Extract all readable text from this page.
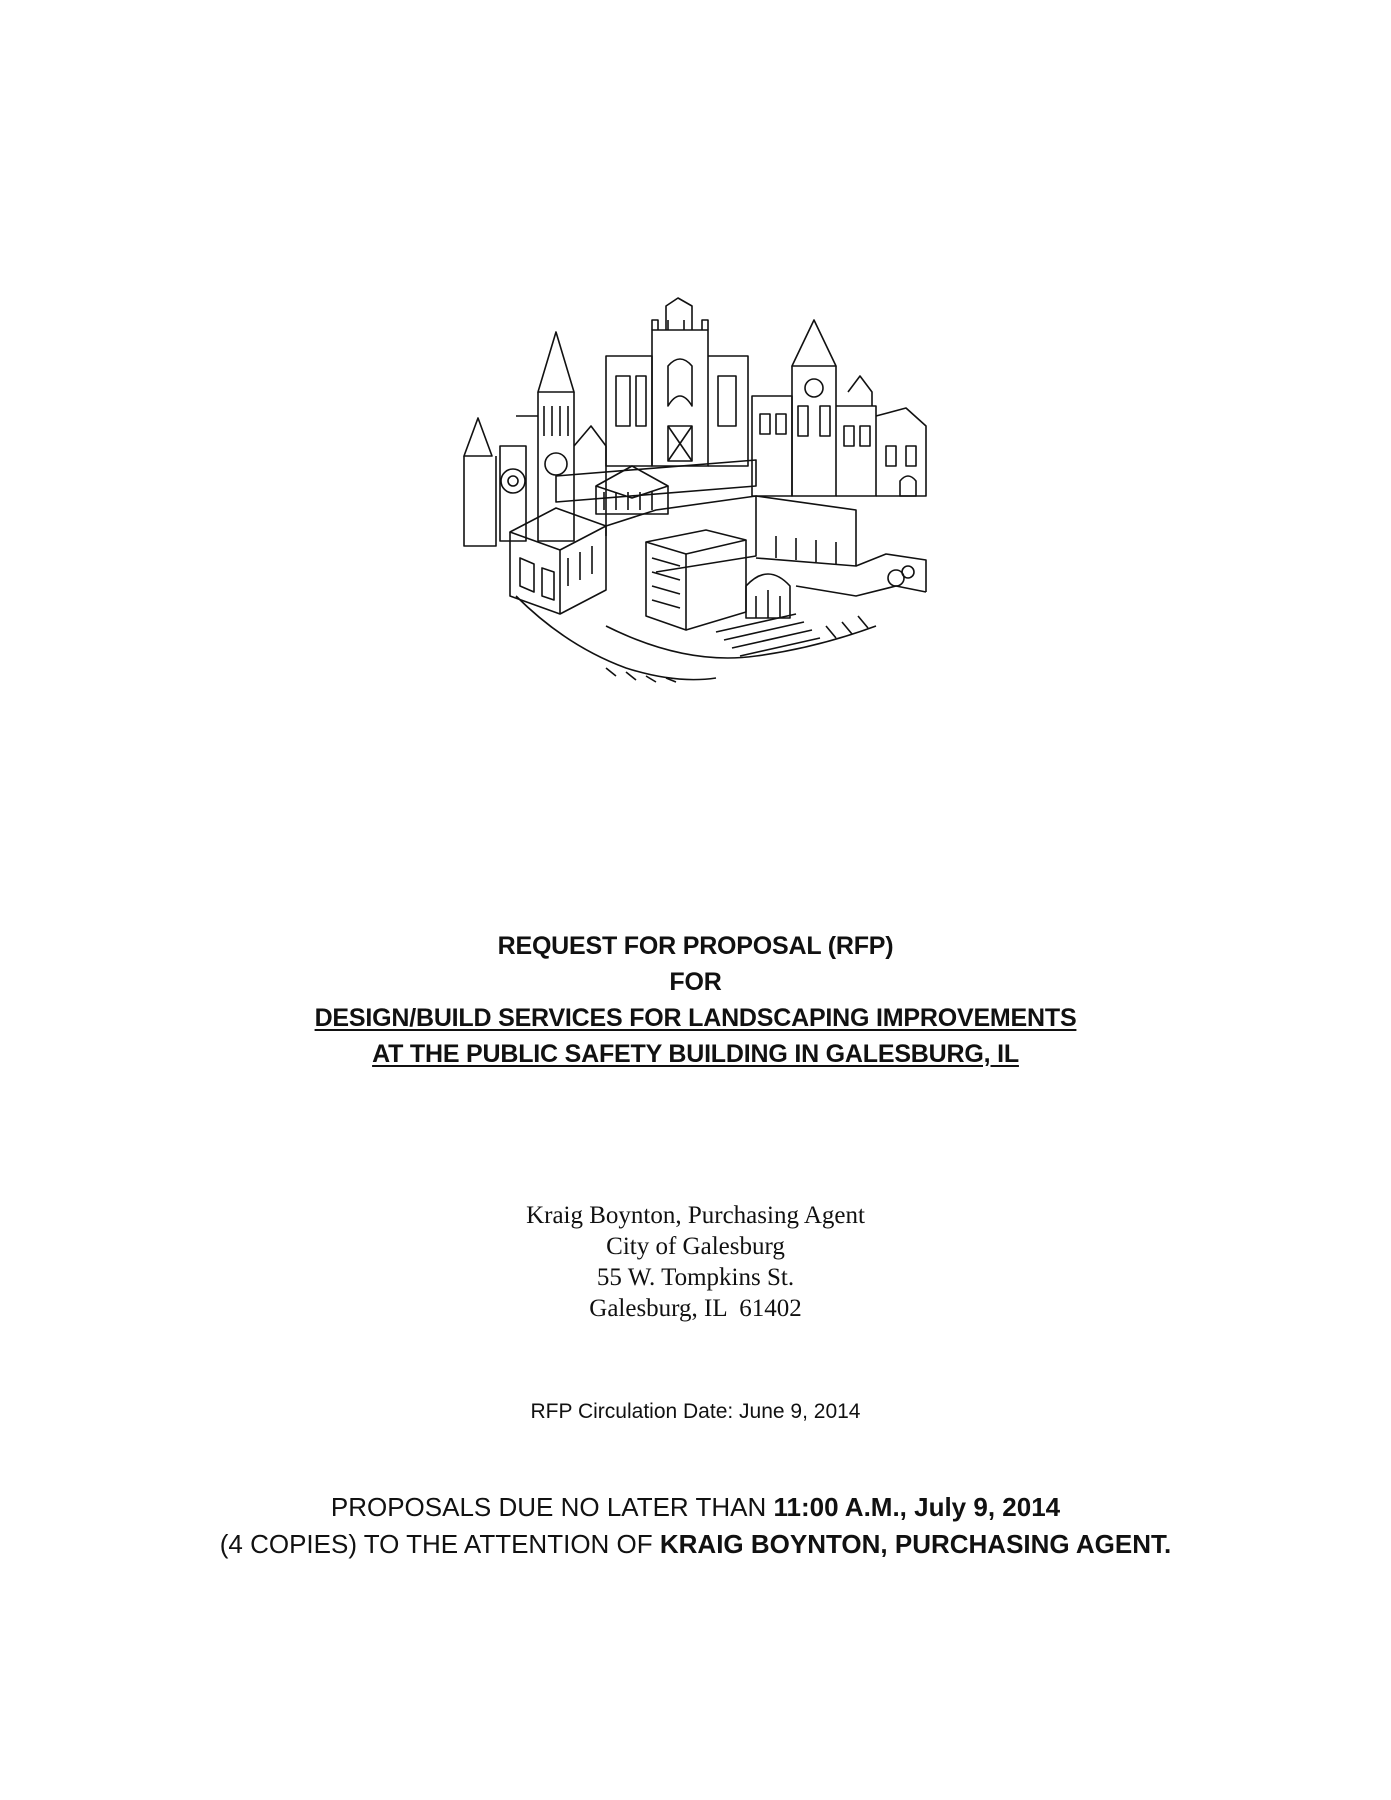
REQUEST FOR PROPOSAL (RFP)
FOR
DESIGN/BUILD SERVICES FOR LANDSCAPING IMPROVEMENTS
AT THE PUBLIC SAFETY BUILDING IN GALESBURG, IL
Kraig Boynton, Purchasing Agent
City of Galesburg
55 W. Tompkins St.
Galesburg, IL  61402
RFP Circulation Date: June 9, 2014
PROPOSALS DUE NO LATER THAN 11:00 A.M., July 9, 2014
(4 COPIES) TO THE ATTENTION OF KRAIG BOYNTON, PURCHASING AGENT.
